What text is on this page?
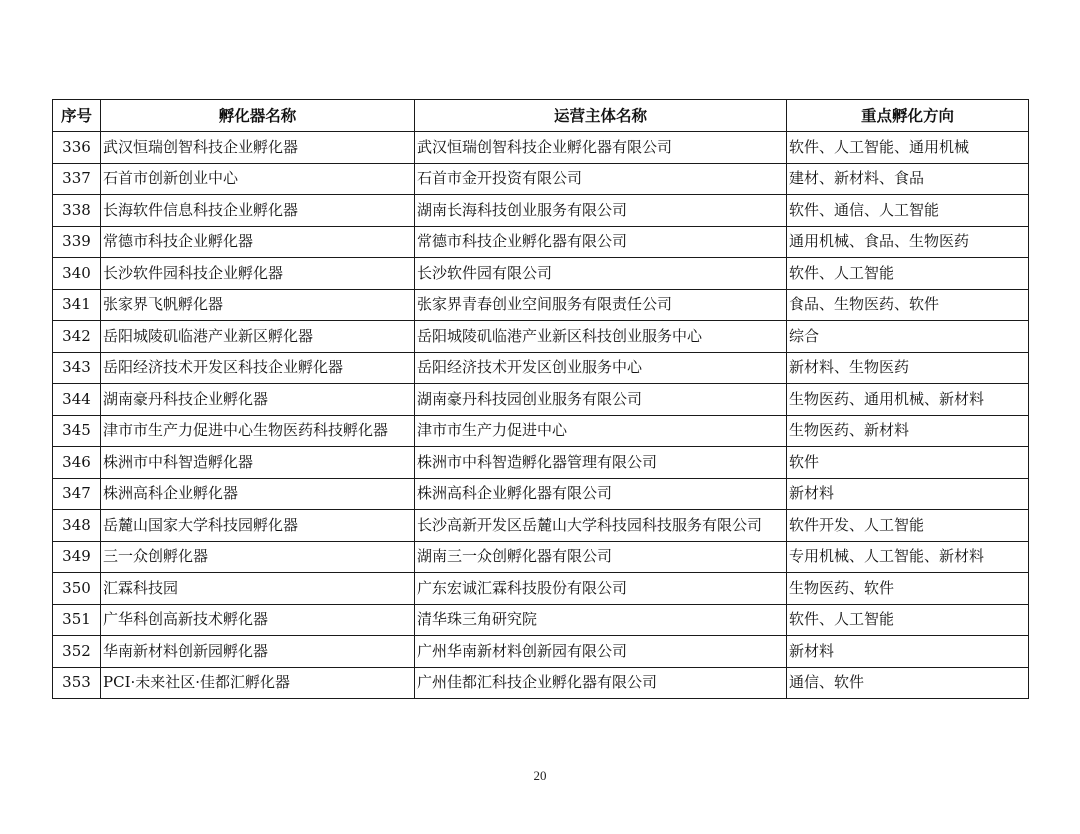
序号	孵化器名称	运营主体名称	重点孵化方向
336	武汉恒瑞创智科技企业孵化器	武汉恒瑞创智科技企业孵化器有限公司	软件、人工智能、通用机械
337	石首市创新创业中心	石首市金开投资有限公司	建材、新材料、食品
338	长海软件信息科技企业孵化器	湖南长海科技创业服务有限公司	软件、通信、人工智能
339	常德市科技企业孵化器	常德市科技企业孵化器有限公司	通用机械、食品、生物医药
340	长沙软件园科技企业孵化器	长沙软件园有限公司	软件、人工智能
341	张家界飞帆孵化器	张家界青春创业空间服务有限责任公司	食品、生物医药、软件
342	岳阳城陵矶临港产业新区孵化器	岳阳城陵矶临港产业新区科技创业服务中心	综合
343	岳阳经济技术开发区科技企业孵化器	岳阳经济技术开发区创业服务中心	新材料、生物医药
344	湖南豪丹科技企业孵化器	湖南豪丹科技园创业服务有限公司	生物医药、通用机械、新材料
345	津市市生产力促进中心生物医药科技孵化器	津市市生产力促进中心	生物医药、新材料
346	株洲市中科智造孵化器	株洲市中科智造孵化器管理有限公司	软件
347	株洲高科企业孵化器	株洲高科企业孵化器有限公司	新材料
348	岳麓山国家大学科技园孵化器	长沙高新开发区岳麓山大学科技园科技服务有限公司	软件开发、人工智能
349	三一众创孵化器	湖南三一众创孵化器有限公司	专用机械、人工智能、新材料
350	汇霖科技园	广东宏诚汇霖科技股份有限公司	生物医药、软件
351	广华科创高新技术孵化器	清华珠三角研究院	软件、人工智能
352	华南新材料创新园孵化器	广州华南新材料创新园有限公司	新材料
353	PCI·未来社区·佳都汇孵化器	广州佳都汇科技企业孵化器有限公司	通信、软件
20
